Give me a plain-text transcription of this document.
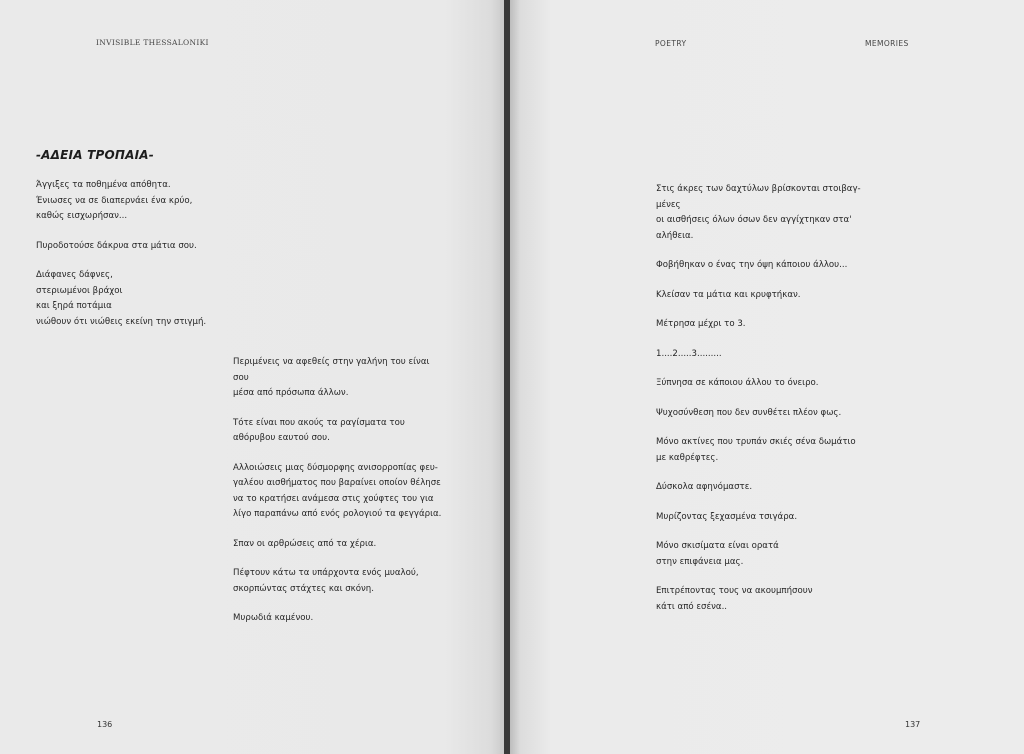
INVISIBLE THESSALONIKI
-ΑΔΕΙΑ ΤΡΟΠΑΙΑ-
Άγγιξες τα ποθημένα απόθητα.
Ένιωσες να σε διαπερνάει ένα κρύο,
καθώς εισχωρήσαν...
Πυροδοτούσε δάκρυα στα μάτια σου.
Διάφανες δάφνες,
στεριωμένοι βράχοι
και ξηρά ποτάμια
νιώθουν ότι νιώθεις εκείνη την στιγμή.
Περιμένεις να αφεθείς στην γαλήνη του είναι
σου
μέσα από πρόσωπα άλλων.
Τότε είναι που ακούς τα ραγίσματα του
αθόρυβου εαυτού σου.
Αλλοιώσεις μιας δύσμορφης ανισορροπίας φευ-
γαλέου αισθήματος που βαραίνει οποίον θέλησε
να το κρατήσει ανάμεσα στις χούφτες του για
λίγο παραπάνω από ενός ρολογιού τα φεγγάρια.
Σπαν οι αρθρώσεις από τα χέρια.
Πέφτουν κάτω τα υπάρχοντα ενός μυαλού,
σκορπώντας στάχτες και σκόνη.
Μυρωδιά καμένου.
136
POETRY	MEMORIES
Στις άκρες των δαχτύλων βρίσκονται στοιβαγ-
μένες
οι αισθήσεις όλων όσων δεν αγγίχτηκαν στα'
αλήθεια.
Φοβήθηκαν ο ένας την όψη κάποιου άλλου...
Κλείσαν τα μάτια και κρυφτήκαν.
Μέτρησα μέχρι το 3.
1....2.....3.........
Ξύπνησα σε κάποιου άλλου το όνειρο.
Ψυχοσύνθεση που δεν συνθέτει πλέον φως.
Μόνο ακτίνες που τρυπάν σκιές σένα δωμάτιο
με καθρέφτες.
Δύσκολα αφηνόμαστε.
Μυρίζοντας ξεχασμένα τσιγάρα.
Μόνο σκισίματα είναι ορατά
στην επιφάνεια μας.
Επιτρέποντας τους να ακουμπήσουν
κάτι από εσένα..
137
